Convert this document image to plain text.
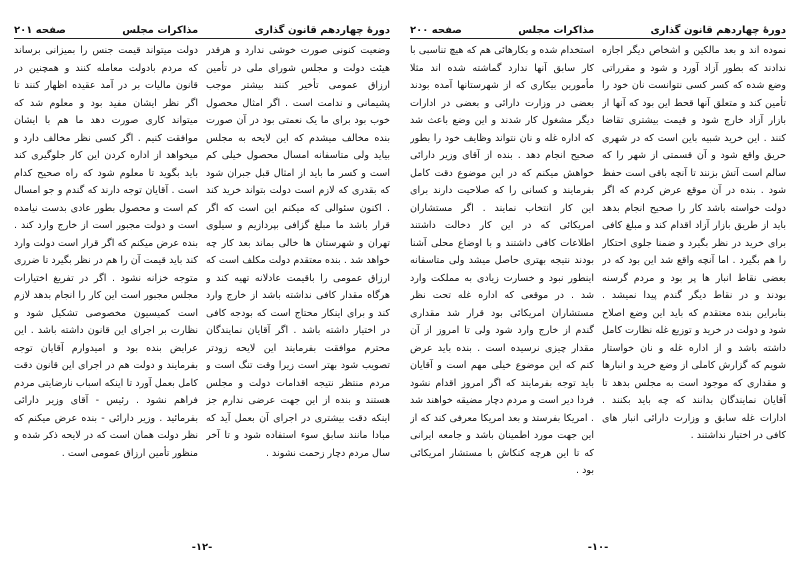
دورهٔ چهاردهم قانون گذاری
مذاکرات مجلس
صفحه ۲۰۱
وضعیت کنونی صورت خوشی ندارد و هرقدر هیئت دولت و مجلس شورای ملی در تأمین ارزاق عمومی تأخیر کنند بیشتر موجب پشیمانی و ندامت است . اگر امثال محصول خوب بود برای ما یک نعمتی بود در آن صورت بنده مخالف میشدم که این لایحه به مجلس بیاید ولی متاسفانه امسال محصول خیلی کم است و کسر ما باید از امثال قبل جبران شود که بقدری که لازم است دولت بتواند خرید کند . اکنون سئوالی که میکنم این است که اگر قرار باشد ما مبلغ گزافی بپردازیم و سیلوی تهران و شهرستان ها خالی بماند بعد کار چه خواهد شد . بنده معتقدم دولت مکلف است که ارزاق عمومی را باقیمت عادلانه تهیه کند و هرگاه مقدار کافی نداشته باشد از خارج وارد کند و برای اینکار محتاج است که بودجه کافی در اختیار داشته باشد . اگر آقایان نمایندگان محترم موافقت بفرمایند این لایحه زودتر تصویب شود بهتر است زیرا وقت تنگ است و مردم منتظر نتیجه اقدامات دولت و مجلس هستند و بنده از این جهت عرضی ندارم جز اینکه دقت بیشتری در اجرای آن بعمل آید که مبادا مانند سابق سوء استفاده شود و تا آخر سال مردم دچار زحمت نشوند .
دولت میتواند قیمت جنس را بمیزانی برساند که مردم بادولت معامله کنند و همچنین در قانون مالیات بر در آمد عقیده اظهار کنند تا اگر نظر ایشان مفید بود و معلوم شد که میتواند کاری صورت دهد ما هم با ایشان موافقت کنیم . اگر کسی نظر مخالف دارد و میخواهد از اداره کردن این کار جلوگیری کند باید بگوید تا معلوم شود که راه صحیح کدام است . آقایان توجه دارند که گندم و جو امسال کم است و محصول بطور عادی بدست نیامده است و دولت مجبور است از خارج وارد کند . بنده عرض میکنم که اگر قرار است دولت وارد کند باید قیمت آن را هم در نظر بگیرد تا ضرری متوجه خزانه نشود . اگر در تفریغ اختیارات مجلس مجبور است این کار را انجام بدهد لازم است کمیسیون مخصوصی تشکیل شود و نظارت بر اجرای این قانون داشته باشد . این عرایض بنده بود و امیدوارم آقایان توجه بفرمایند و دولت هم در اجرای این قانون دقت کامل بعمل آورد تا اینکه اسباب نارضایتی مردم فراهم نشود . رئیس - آقای وزیر دارائی بفرمائید . وزیر دارائی - بنده عرض میکنم که نظر دولت همان است که در لایحه ذکر شده و منظور تأمین ارزاق عمومی است .
-۱۲-
دورهٔ چهاردهم قانون گذاری
مذاکرات مجلس
صفحه ۲۰۰
نموده اند و بعد مالکین و اشخاص دیگر اجازه ندادند که بطور آزاد آورد و شود و مقرراتی وضع شده که کسر کسی نتوانست نان خود را تأمین کند و متعلق آنها قحط این بود که آنها از بازار آزاد خارج شود و قیمت بیشتری تقاضا کنند . این خرید شبیه باین است که در شهری حریق واقع شود و آن قسمتی از شهر را که سالم است آتش بزنند تا آنچه باقی است حفظ شود . بنده در آن موقع عرض کردم که اگر دولت خواسته باشد کار را صحیح انجام بدهد باید از طریق بازار آزاد اقدام کند و مبلغ کافی برای خرید در نظر بگیرد و ضمنا جلوی احتکار را هم بگیرد . اما آنچه واقع شد این بود که در بعضی نقاط انبار ها پر بود و مردم گرسنه بودند و در نقاط دیگر گندم پیدا نمیشد . بنابراین بنده معتقدم که باید این وضع اصلاح شود و دولت در خرید و توزیع غله نظارت کامل داشته باشد و از اداره غله و نان خواستار شویم که گزارش کاملی از وضع خرید و انبارها و مقداری که موجود است به مجلس بدهد تا آقایان نمایندگان بدانند که چه باید بکنند . ادارات غله سابق و وزارت دارائی انبار های کافی در اختیار نداشتند .
استخدام شده و بکارهائی هم که هیچ تناسبی با کار سابق آنها ندارد گماشته شده اند مثلا مأمورین بیکاری که از شهرستانها آمده بودند بعضی در وزارت دارائی و بعضی در ادارات دیگر مشغول کار شدند و این وضع باعث شد که اداره غله و نان نتواند وظایف خود را بطور صحیح انجام دهد . بنده از آقای وزیر دارائی خواهش میکنم که در این موضوع دقت کامل بفرمایند و کسانی را که صلاحیت دارند برای این کار انتخاب نمایند . اگر مستشاران امریکائی که در این کار دخالت داشتند اطلاعات کافی داشتند و با اوضاع محلی آشنا بودند نتیجه بهتری حاصل میشد ولی متاسفانه اینطور نبود و خسارت زیادی به مملکت وارد شد . در موقعی که اداره غله تحت نظر مستشاران امریکائی بود قرار شد مقداری گندم از خارج وارد شود ولی تا امروز از آن مقدار چیزی نرسیده است . بنده باید عرض کنم که این موضوع خیلی مهم است و آقایان باید توجه بفرمایند که اگر امروز اقدام نشود فردا دیر است و مردم دچار مضیقه خواهند شد . امریکا بفرستد و بعد امریکا معرفی کند که از این جهت مورد اطمینان باشد و جامعه ایرانی که تا این هرچه کنکاش با مستشار امریکائی بود .
-۱۰-
